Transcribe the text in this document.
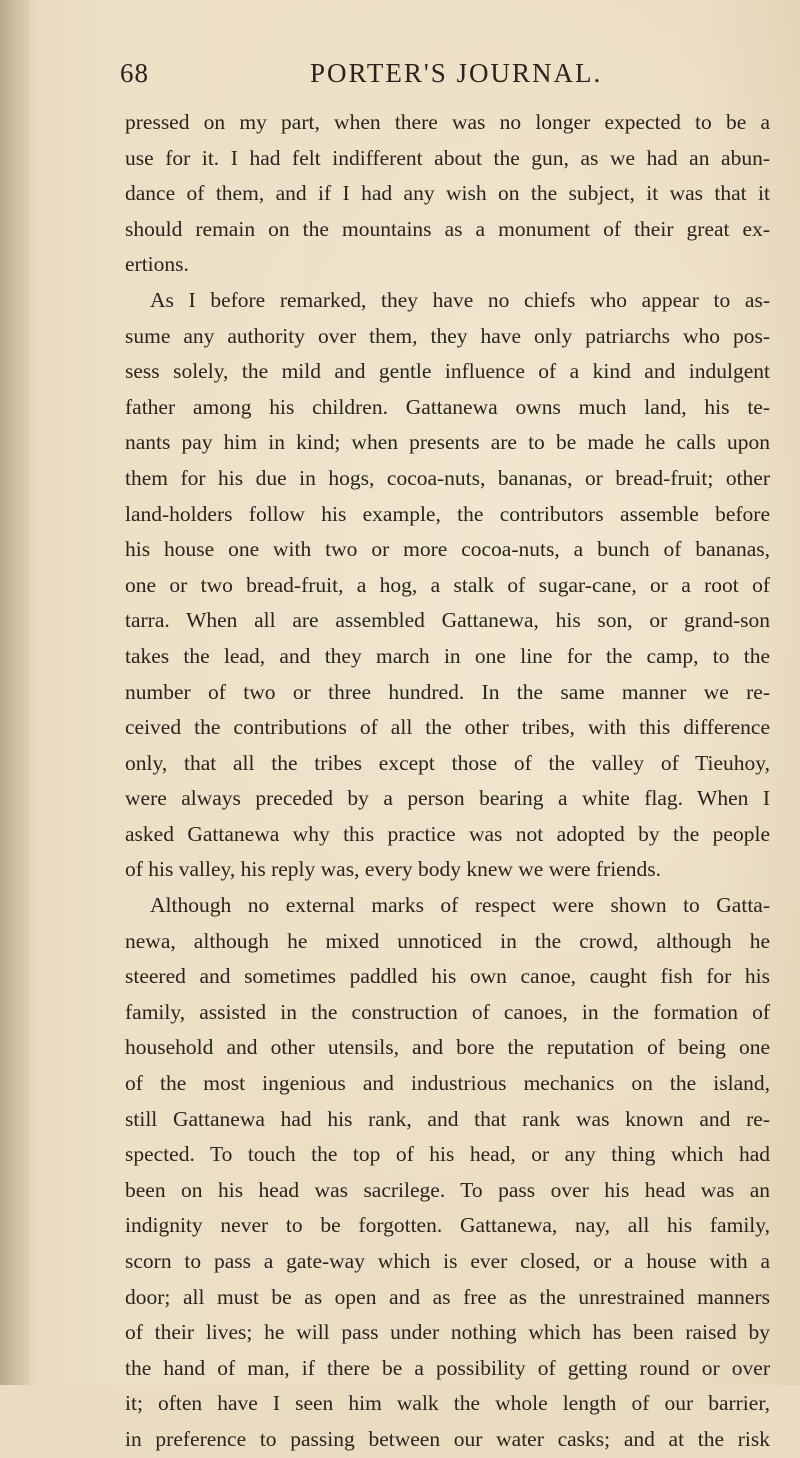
68	PORTER'S JOURNAL.
pressed on my part, when there was no longer expected to be a
use for it. I had felt indifferent about the gun, as we had an abun-
dance of them, and if I had any wish on the subject, it was that it
should remain on the mountains as a monument of their great ex-
ertions.
As I before remarked, they have no chiefs who appear to as-
sume any authority over them, they have only patriarchs who pos-
sess solely, the mild and gentle influence of a kind and indulgent
father among his children. Gattanewa owns much land, his te-
nants pay him in kind; when presents are to be made he calls upon
them for his due in hogs, cocoa-nuts, bananas, or bread-fruit; other
land-holders follow his example, the contributors assemble before
his house one with two or more cocoa-nuts, a bunch of bananas,
one or two bread-fruit, a hog, a stalk of sugar-cane, or a root of
tarra. When all are assembled Gattanewa, his son, or grand-son
takes the lead, and they march in one line for the camp, to the
number of two or three hundred. In the same manner we re-
ceived the contributions of all the other tribes, with this difference
only, that all the tribes except those of the valley of Tieuhoy,
were always preceded by a person bearing a white flag. When I
asked Gattanewa why this practice was not adopted by the people
of his valley, his reply was, every body knew we were friends.
Although no external marks of respect were shown to Gatta-
newa, although he mixed unnoticed in the crowd, although he
steered and sometimes paddled his own canoe, caught fish for his
family, assisted in the construction of canoes, in the formation of
household and other utensils, and bore the reputation of being one
of the most ingenious and industrious mechanics on the island,
still Gattanewa had his rank, and that rank was known and re-
spected. To touch the top of his head, or any thing which had
been on his head was sacrilege. To pass over his head was an
indignity never to be forgotten. Gattanewa, nay, all his family,
scorn to pass a gate-way which is ever closed, or a house with a
door; all must be as open and as free as the unrestrained manners
of their lives; he will pass under nothing which has been raised by
the hand of man, if there be a possibility of getting round or over
it; often have I seen him walk the whole length of our barrier,
in preference to passing between our water casks; and at the risk
